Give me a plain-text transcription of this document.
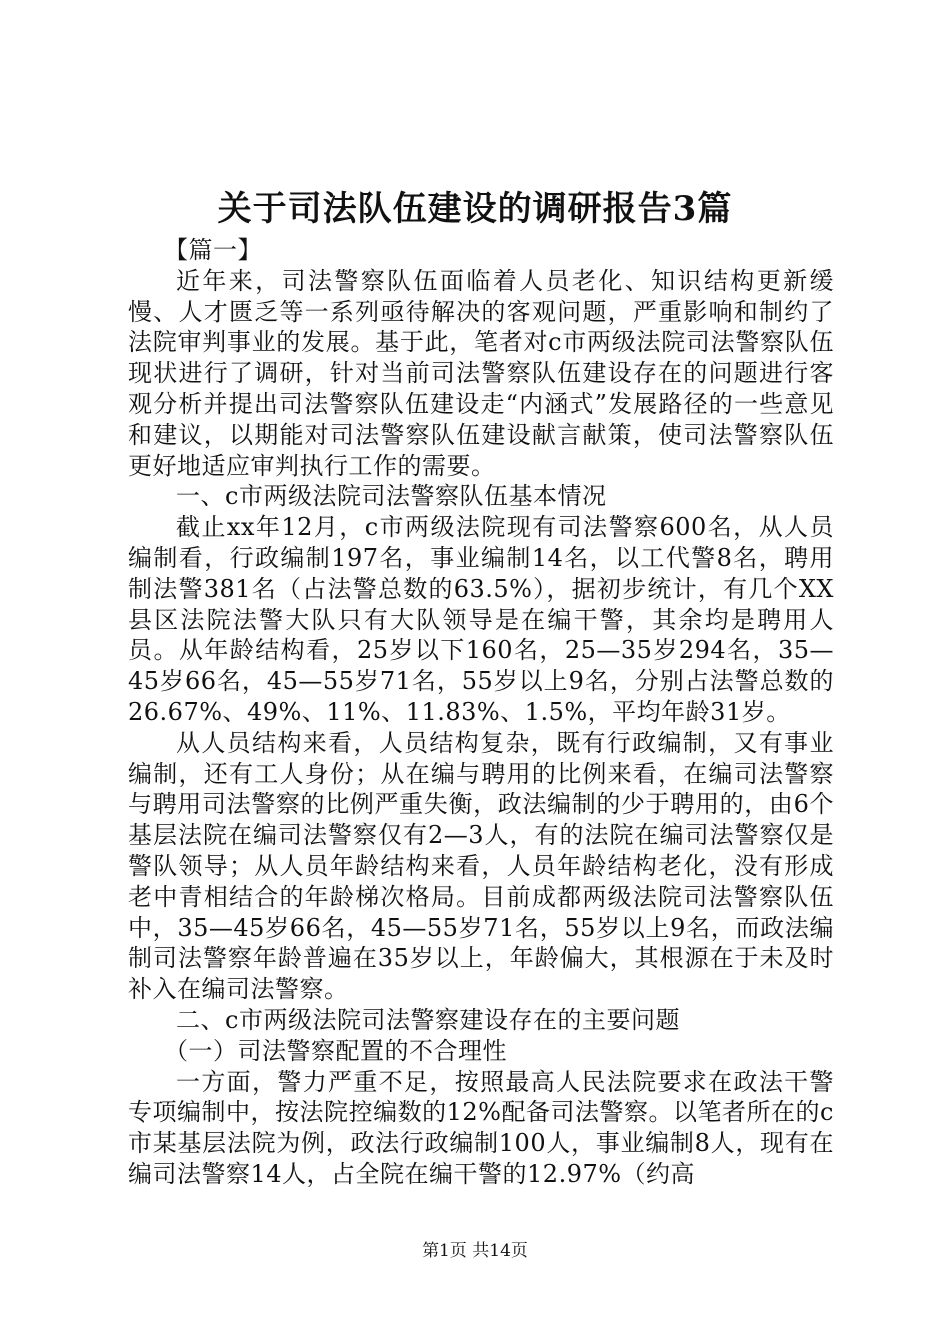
关于司法队伍建设的调研报告3篇

【篇一】

近年来，司法警察队伍面临着人员老化、知识结构更新缓慢、人才匮乏等一系列亟待解决的客观问题，严重影响和制约了法院审判事业的发展。基于此，笔者对c市两级法院司法警察队伍现状进行了调研，针对当前司法警察队伍建设存在的问题进行客观分析并提出司法警察队伍建设走“内涵式”发展路径的一些意见和建议，以期能对司法警察队伍建设献言献策，使司法警察队伍更好地适应审判执行工作的需要。

一、c市两级法院司法警察队伍基本情况

截止xx年12月，c市两级法院现有司法警察600名，从人员编制看，行政编制197名，事业编制14名，以工代警8名，聘用制法警381名（占法警总数的63.5%），据初步统计，有几个XX县区法院法警大队只有大队领导是在编干警，其余均是聘用人员。从年龄结构看，25岁以下160名，25—35岁294名，35—45岁66名，45—55岁71名，55岁以上9名，分别占法警总数的26.67%、49%、11%、11.83%、1.5%，平均年龄31岁。

从人员结构来看，人员结构复杂，既有行政编制，又有事业编制，还有工人身份；从在编与聘用的比例来看，在编司法警察与聘用司法警察的比例严重失衡，政法编制的少于聘用的，由6个基层法院在编司法警察仅有2—3人，有的法院在编司法警察仅是警队领导；从人员年龄结构来看，人员年龄结构老化，没有形成老中青相结合的年龄梯次格局。目前成都两级法院司法警察队伍中，35—45岁66名，45—55岁71名，55岁以上9名，而政法编制司法警察年龄普遍在35岁以上，年龄偏大，其根源在于未及时补入在编司法警察。

二、c市两级法院司法警察建设存在的主要问题

（一）司法警察配置的不合理性

一方面，警力严重不足，按照最高人民法院要求在政法干警专项编制中，按法院控编数的12%配备司法警察。以笔者所在的c市某基层法院为例，政法行政编制100人，事业编制8人，现有在编司法警察14人，占全院在编干警的12.97%（约高

第1页 共14页
